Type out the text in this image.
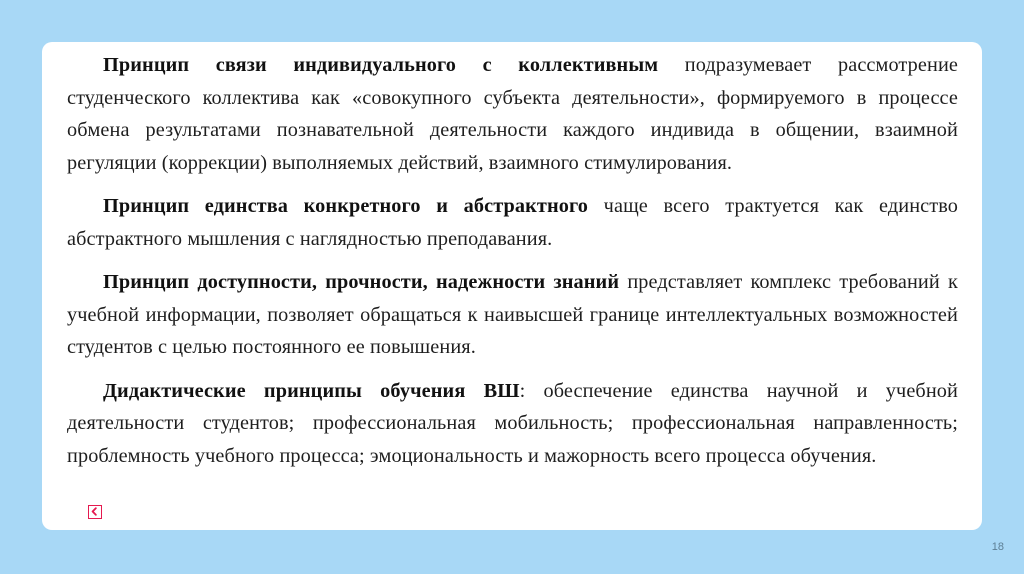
Принцип связи индивидуального с коллективным подразумевает рассмотрение студенческого коллектива как «совокупного субъекта деятельности», формируемого в процессе обмена результатами познавательной деятельности каждого индивида в общении, взаимной регуляции (коррекции) выполняемых действий, взаимного стимулирования.

Принцип единства конкретного и абстрактного чаще всего трактуется как единство абстрактного мышления с наглядностью преподавания.

Принцип доступности, прочности, надежности знаний представляет комплекс требований к учебной информации, позволяет обращаться к наивысшей границе интеллектуальных возможностей студентов с целью постоянного ее повышения.

Дидактические принципы обучения ВШ: обеспечение единства научной и учебной деятельности студентов; профессиональная мобильность; профессиональная направленность; проблемность учебного процесса; эмоциональность и мажорность всего процесса обучения.

18
